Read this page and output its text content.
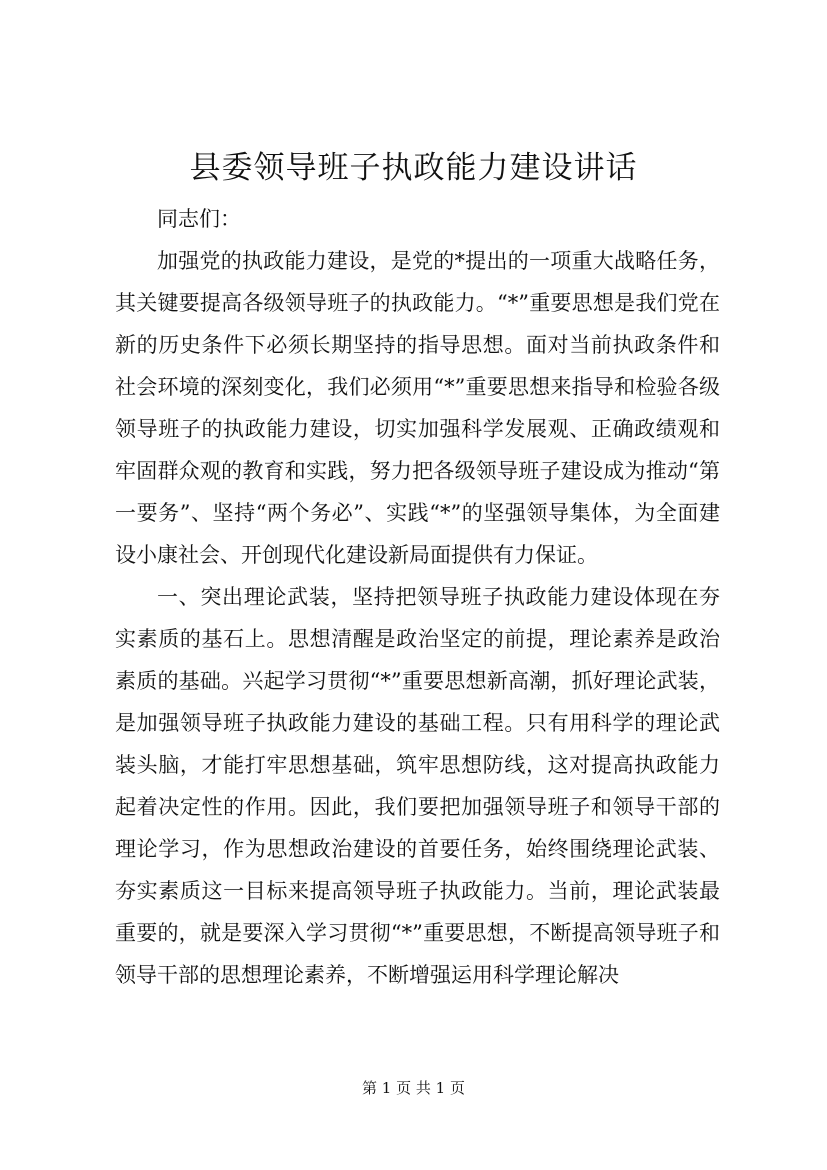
县委领导班子执政能力建设讲话

同志们：

加强党的执政能力建设，是党的*提出的一项重大战略任务，其关键要提高各级领导班子的执政能力。“*”重要思想是我们党在新的历史条件下必须长期坚持的指导思想。面对当前执政条件和社会环境的深刻变化，我们必须用“*”重要思想来指导和检验各级领导班子的执政能力建设，切实加强科学发展观、正确政绩观和牢固群众观的教育和实践，努力把各级领导班子建设成为推动“第一要务”、坚持“两个务必”、实践“*”的坚强领导集体，为全面建设小康社会、开创现代化建设新局面提供有力保证。

一、突出理论武装，坚持把领导班子执政能力建设体现在夯实素质的基石上。思想清醒是政治坚定的前提，理论素养是政治素质的基础。兴起学习贯彻“*”重要思想新高潮，抓好理论武装，是加强领导班子执政能力建设的基础工程。只有用科学的理论武装头脑，才能打牢思想基础，筑牢思想防线，这对提高执政能力起着决定性的作用。因此，我们要把加强领导班子和领导干部的理论学习，作为思想政治建设的首要任务，始终围绕理论武装、夯实素质这一目标来提高领导班子执政能力。当前，理论武装最重要的，就是要深入学习贯彻“*”重要思想，不断提高领导班子和领导干部的思想理论素养，不断增强运用科学理论解决

第 1 页 共 1 页
